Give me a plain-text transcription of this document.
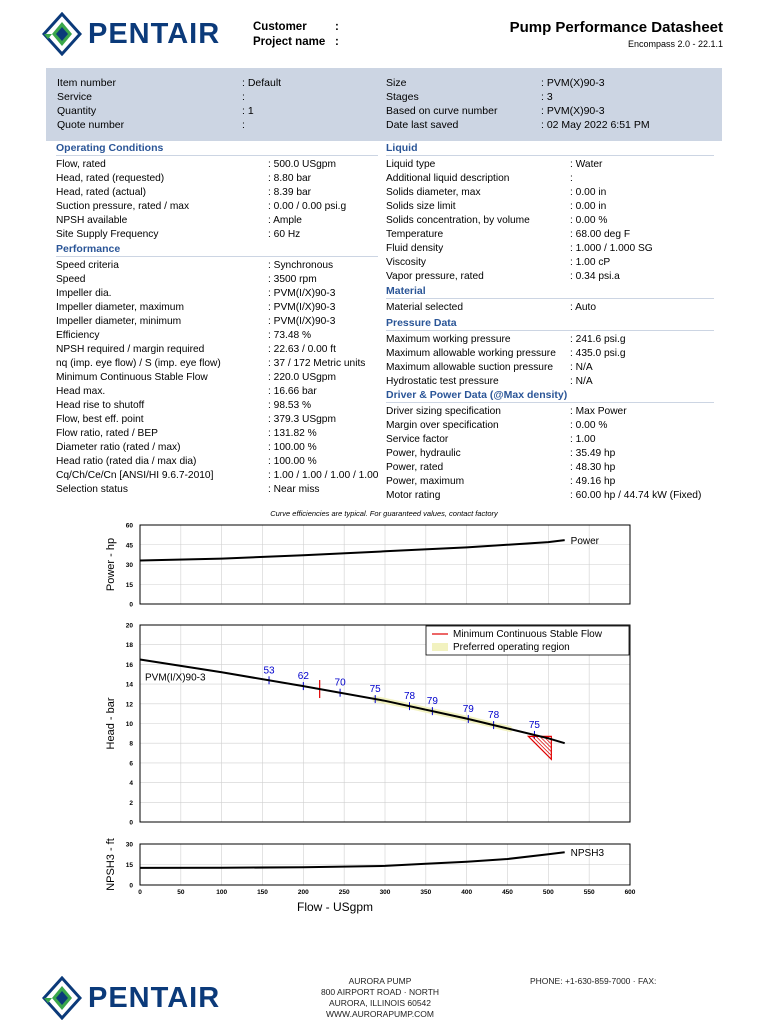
PENTAIR	Customer	:
Project name :
Pump Performance Datasheet
Encompass 2.0 - 22.1.1
Item number	: Default
Service	:
Quantity	: 1
Quote number	:
Size	: PVM(X)90-3
Stages	: 3
Based on curve number	: PVM(X)90-3
Date last saved	: 02 May 2022 6:51 PM
Operating Conditions
Flow, rated	: 500.0 USgpm
Head, rated (requested)	: 8.80 bar
Head, rated (actual)	: 8.39 bar
Suction pressure, rated / max	: 0.00 / 0.00 psi.g
NPSH available	: Ample
Site Supply Frequency	: 60 Hz
Performance
Speed criteria	: Synchronous
Speed	: 3500 rpm
Impeller dia.	: PVM(I/X)90-3
Impeller diameter, maximum	: PVM(I/X)90-3
Impeller diameter, minimum	: PVM(I/X)90-3
Efficiency	: 73.48 %
NPSH required / margin required	: 22.63 / 0.00 ft
nq (imp. eye flow) / S (imp. eye flow)	: 37 / 172 Metric units
Minimum Continuous Stable Flow	: 220.0 USgpm
Head max.	: 16.66 bar
Head rise to shutoff	: 98.53 %
Flow, best eff. point	: 379.3 USgpm
Flow ratio, rated / BEP	: 131.82 %
Diameter ratio (rated / max)	: 100.00 %
Head ratio (rated dia / max dia)	: 100.00 %
Cq/Ch/Ce/Cn [ANSI/HI 9.6.7-2010]	: 1.00 / 1.00 / 1.00 / 1.00
Selection status	: Near miss
Liquid
Liquid type	: Water
Additional liquid description	:
Solids diameter, max	: 0.00 in
Solids size limit	: 0.00 in
Solids concentration, by volume	: 0.00 %
Temperature	: 68.00 deg F
Fluid density	: 1.000 / 1.000 SG
Viscosity	: 1.00 cP
Vapor pressure, rated	: 0.34 psi.a
Material
Material selected	: Auto
Pressure Data
Maximum working pressure	: 241.6 psi.g
Maximum allowable working pressure	: 435.0 psi.g
Maximum allowable suction pressure	: N/A
Hydrostatic test pressure	: N/A
Driver & Power Data (@Max density)
Driver sizing specification	: Max Power
Margin over specification	: 0.00 %
Service factor	: 1.00
Power, hydraulic	: 35.49 hp
Power, rated	: 48.30 hp
Power, maximum	: 49.16 hp
Motor rating	: 60.00 hp / 44.74 kW (Fixed)
Curve efficiencies are typical. For guaranteed values, contact factory
0
15
30
45
60
Power - hp	Power
0
2
4
6
8
10
12
14
16
18
20
Head - bar
53
62
70
75
78 79
79
78
75
PVM(I/X)90-3
Minimum Continuous Stable Flow
Preferred operating region
0
15
30
NPSH3 - ft	NPSH3
0	50	100	150	200	250	300	350	400	450	500	550	600
Flow - USgpm
PENTAIR
AURORA PUMP
800 AIRPORT ROAD · NORTH
AURORA, ILLINOIS 60542
WWW.AURORAPUMP.COM
PHONE: +1-630-859-7000 · FAX:
